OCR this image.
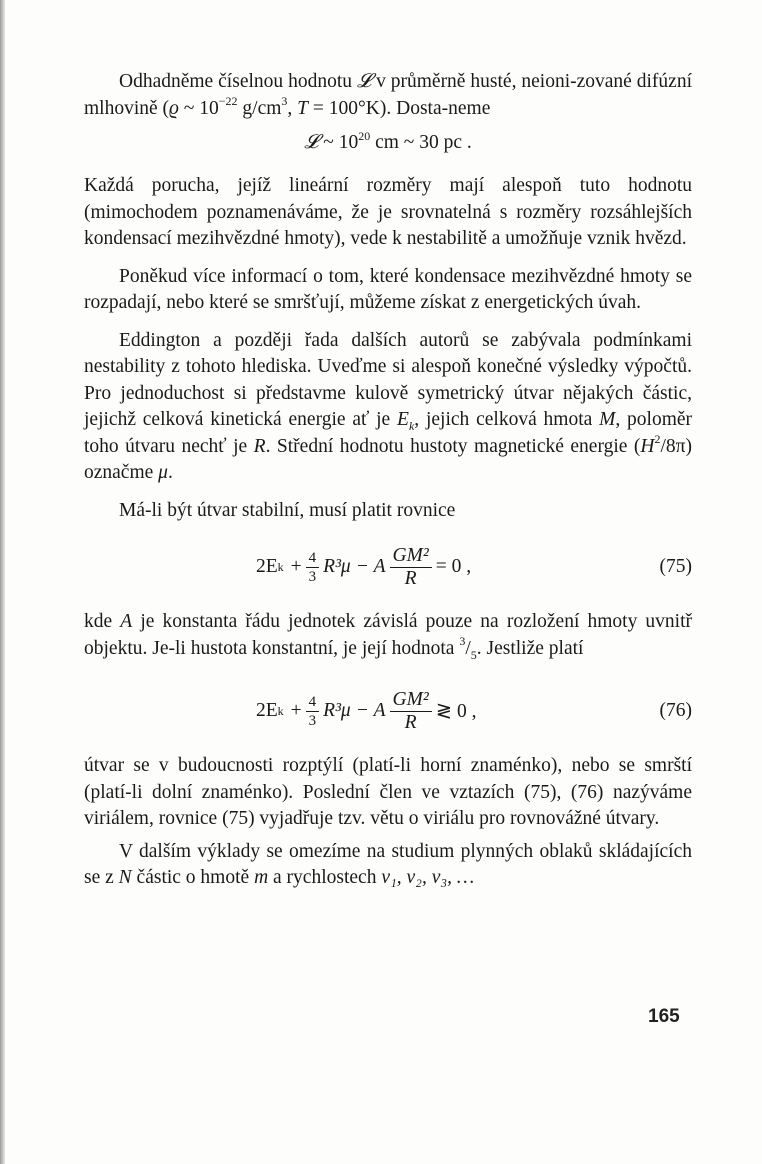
Odhadněme číselnou hodnotu 𝓛 v průměrně husté, neioni-zované difúzní mlhovině (ϱ ~ $10^{-22}$ $g/cm^3$, T = 100°K). Dosta-neme

𝓛 ~ $10^{20}$ cm ~ 30 pc .

Každá porucha, jejíž lineární rozměry mají alespoň tuto hodnotu (mimochodem poznamenáváme, že je srovnatelná s rozměry rozsáhlejších kondensací mezihvězdné hmoty), vede k nestabilitě a umožňuje vznik hvězd.

Poněkud více informací o tom, které kondensace mezihvězdné hmoty se rozpadají, nebo které se smršťují, můžeme získat z energetických úvah.

Eddington a později řada dalších autorů se zabývala podmínkami nestability z tohoto hlediska. Uveďme si alespoň konečné výsledky výpočtů. Pro jednoduchost si představme kulově symetrický útvar nějakých částic, jejichž celková kinetická energie ať je $E_k$, jejich celková hmota M, poloměr toho útvaru nechť je R. Střední hodnotu hustoty magnetické energie $(H^2/8\pi)$ označme μ.

Má-li být útvar stabilní, musí platit rovnice

2E $k + \frac{4}{3} R^3\mu - A \frac{\text{GM²}}{R} = 0$ ,	(75)

kde A je konstanta řádu jednotek závislá pouze na rozložení hmoty uvnitř objektu. Je-li hustota konstantní, je její hodnota $^3/_5$. Jestliže platí

2E $k + \frac{4}{3} R^3\mu - A \frac{\text{GM²}}{R}$ ≷ 0 ,	(76)

útvar se v budoucnosti rozptýlí (platí-li horní znaménko), nebo se smrští (platí-li dolní znaménko). Poslední člen ve vztazích (75), (76) nazýváme viriálem, rovnice (75) vyjadřuje tzv. větu o viriálu pro rovnovážné útvary.

V dalším výklady se omezíme na studium plynných oblaků skládajících se z N částic o hmotě m a rychlostech v₁, v₂, v₃, …

165
